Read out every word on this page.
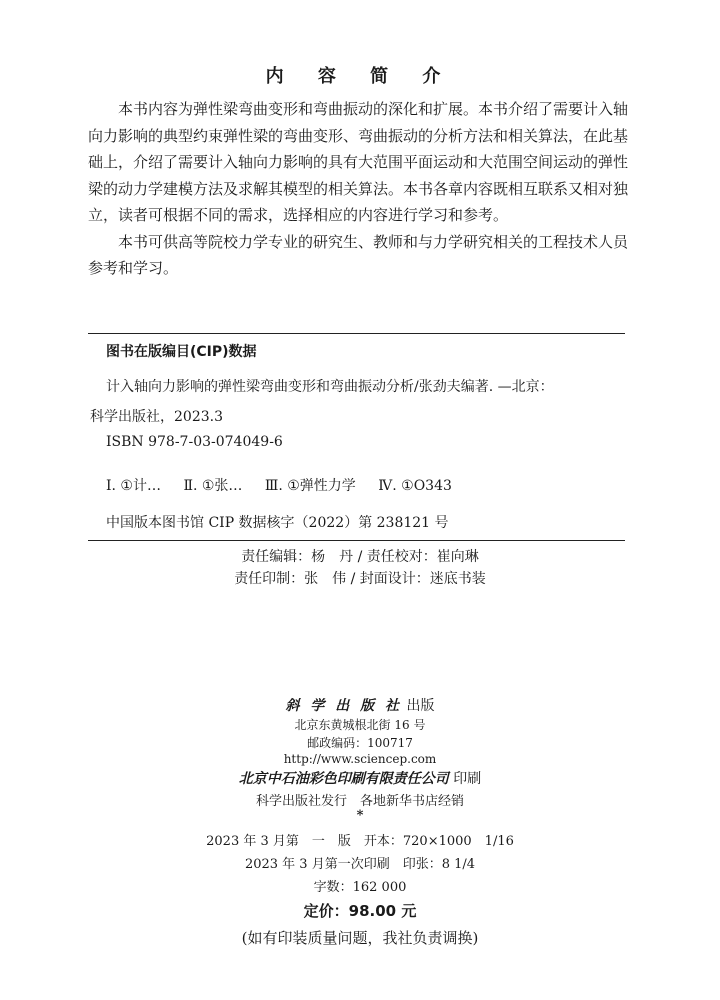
内 容 简 介

本书内容为弹性梁弯曲变形和弯曲振动的深化和扩展。本书介绍了需要计入轴向力影响的典型约束弹性梁的弯曲变形、弯曲振动的分析方法和相关算法，在此基础上，介绍了需要计入轴向力影响的具有大范围平面运动和大范围空间运动的弹性梁的动力学建模方法及求解其模型的相关算法。本书各章内容既相互联系又相对独立，读者可根据不同的需求，选择相应的内容进行学习和参考。

本书可供高等院校力学专业的研究生、教师和与力学研究相关的工程技术人员参考和学习。

图书在版编目(CIP)数据
计入轴向力影响的弹性梁弯曲变形和弯曲振动分析/张劲夫编著. —北京：
科学出版社，2023.3
ISBN 978-7-03-074049-6
Ⅰ. ①计… Ⅱ. ①张… Ⅲ. ①弹性力学 Ⅳ. ①O343
中国版本图书馆 CIP 数据核字（2022）第 238121 号
责任编辑：杨　丹 / 责任校对：崔向琳
责任印制：张　伟 / 封面设计：迷底书装
斜 学 出 版 社 出版
北京东黄城根北街 16 号
邮政编码：100717
http://www.sciencep.com
北京中石油彩色印刷有限责任公司 印刷
科学出版社发行　各地新华书店经销
*
2023 年 3 月第　一　版　开本：720×1000　1/16
2023 年 3 月第一次印刷　印张：8 1/4
字数：162 000
定价：98.00 元
(如有印装质量问题，我社负责调换)
